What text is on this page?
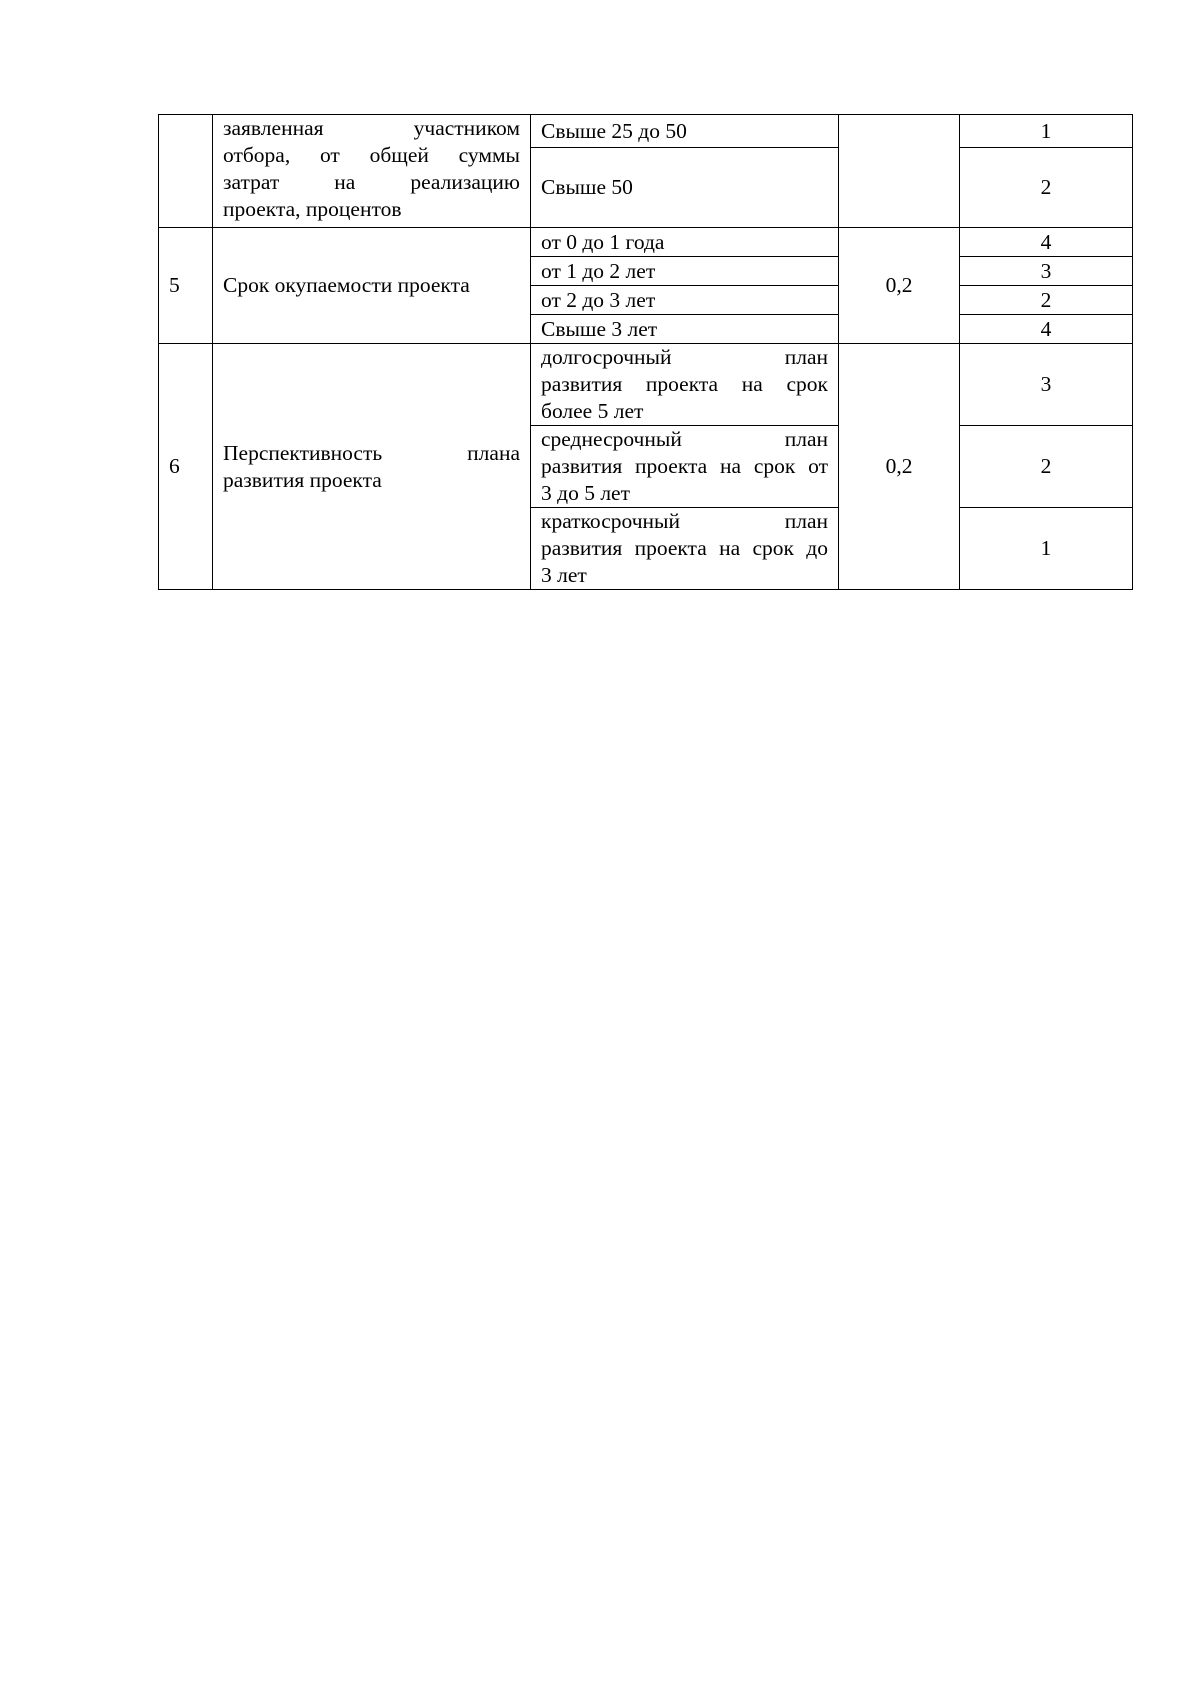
	заявленная участником
отбора, от общей суммы
затрат на реализацию
проекта, процентов	Свыше 25 до 50		1

		Свыше 50		2
5	Срок окупаемости проекта	от 0 до 1 года	0,2	4

		от 1 до 2 лет		3

		от 2 до 3 лет		2

		Свыше 3 лет		4
6	Перспективность плана
развития проекта	долгосрочный план
развития проекта на срок
более 5 лет	0,2	3

		среднесрочный план
развития проекта на срок от
3 до 5 лет		2

		краткосрочный план
развития проекта на срок до
3 лет		1
